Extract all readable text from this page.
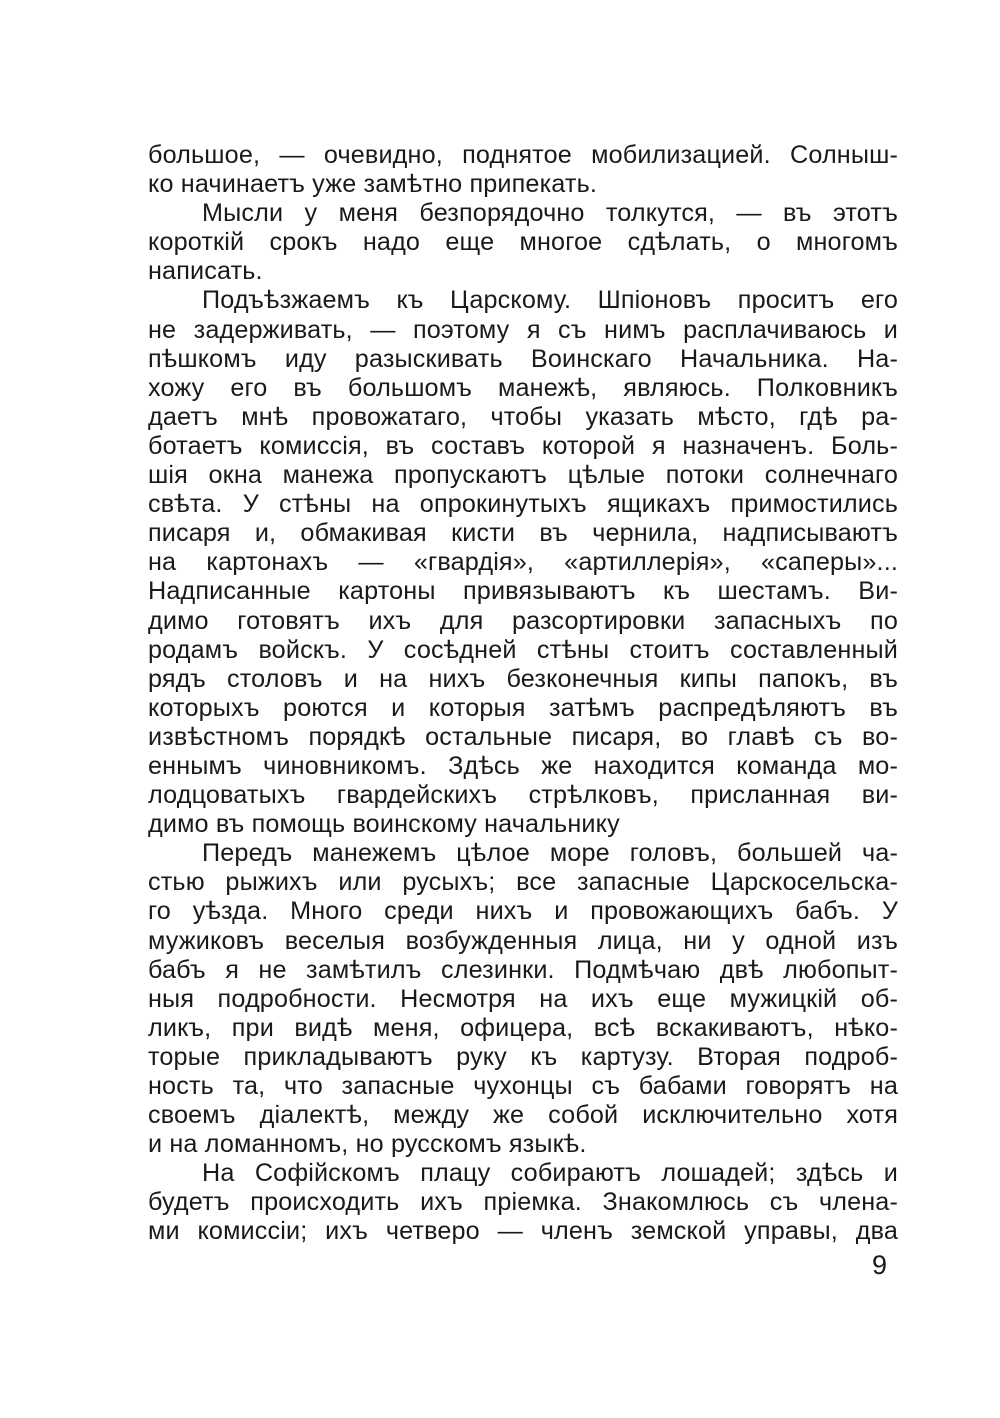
большое, — очевидно, поднятое мобилизацией. Солныш-
ко начинаетъ уже замѣтно припекать.
Мысли у меня безпорядочно толкутся, — въ этотъ
короткій срокъ надо еще многое сдѣлать, о многомъ
написать.
Подъѣзжаемъ къ Царскому. Шпіоновъ проситъ его
не задерживать, — поэтому я съ нимъ расплачиваюсь и
пѣшкомъ иду разыскивать Воинскаго Начальника. На-
хожу его въ большомъ манежѣ, являюсь. Полковникъ
даетъ мнѣ провожатаго, чтобы указать мѣсто, гдѣ ра-
ботаетъ комиссія, въ составъ которой я назначенъ. Боль-
шія окна манежа пропускаютъ цѣлые потоки солнечнаго
свѣта. У стѣны на опрокинутыхъ ящикахъ примостились
писаря и, обмакивая кисти въ чернила, надписываютъ
на картонахъ — «гвардія», «артиллерія», «саперы»...
Надписанные картоны привязываютъ къ шестамъ. Ви-
димо готовятъ ихъ для разсортировки запасныхъ по
родамъ войскъ. У сосѣдней стѣны стоитъ составленный
рядъ столовъ и на нихъ безконечныя кипы папокъ, въ
которыхъ роются и которыя затѣмъ распредѣляютъ въ
извѣстномъ порядкѣ остальные писаря, во главѣ съ во-
еннымъ чиновникомъ. Здѣсь же находится команда мо-
лодцоватыхъ гвардейскихъ стрѣлковъ, присланная ви-
димо въ помощь воинскому начальнику
Передъ манежемъ цѣлое море головъ, большей ча-
стью рыжихъ или русыхъ; все запасные Царскосельска-
го уѣзда. Много среди нихъ и провожающихъ бабъ. У
мужиковъ веселыя возбужденныя лица, ни у одной изъ
бабъ я не замѣтилъ слезинки. Подмѣчаю двѣ любопыт-
ныя подробности. Несмотря на ихъ еще мужицкій об-
ликъ, при видѣ меня, офицера, всѣ вскакиваютъ, нѣко-
торые прикладываютъ руку къ картузу. Вторая подроб-
ность та, что запасные чухонцы съ бабами говорятъ на
своемъ діалектѣ, между же собой исключительно хотя
и на ломанномъ, но русскомъ языкѣ.
На Софійскомъ плацу собираютъ лошадей; здѣсь и
будетъ происходить ихъ пріемка. Знакомлюсь съ члена-
ми комиссіи; ихъ четверо — членъ земской управы, два
9
